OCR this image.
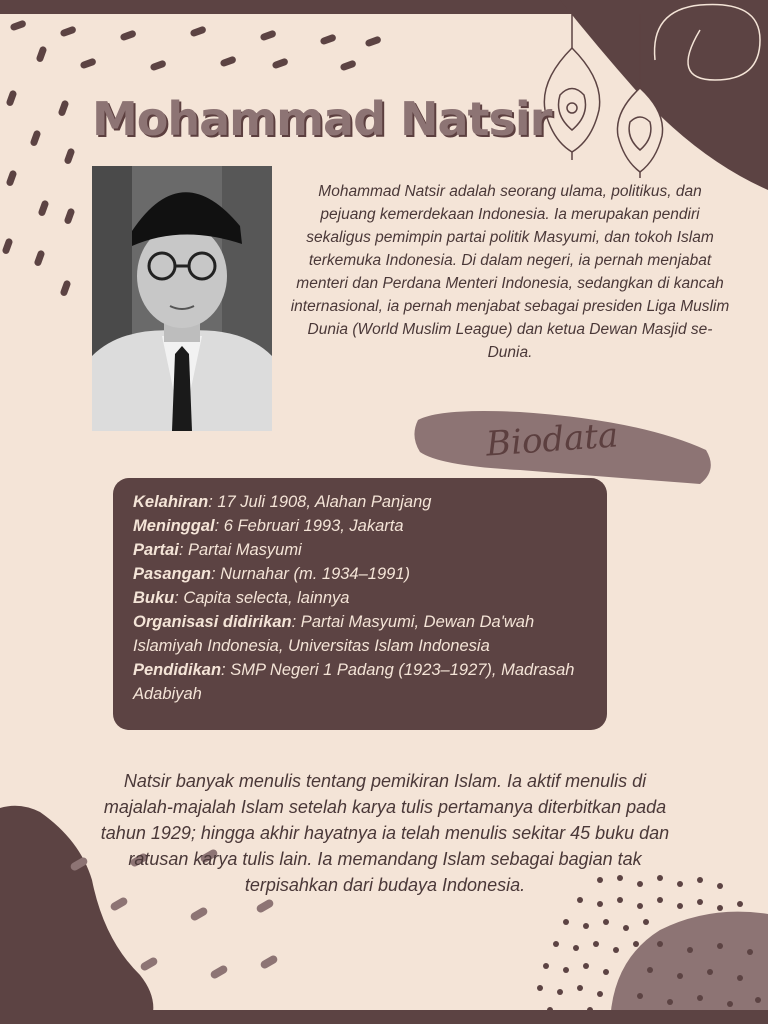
Mohammad Natsir
Mohammad Natsir adalah seorang ulama, politikus, dan pejuang kemerdekaan Indonesia. Ia merupakan pendiri sekaligus pemimpin partai politik Masyumi, dan tokoh Islam terkemuka Indonesia. Di dalam negeri, ia pernah menjabat menteri dan Perdana Menteri Indonesia, sedangkan di kancah internasional, ia pernah menjabat sebagai presiden Liga Muslim Dunia (World Muslim League) dan ketua Dewan Masjid se-Dunia.
Biodata

Kelahiran: 17 Juli 1908, Alahan Panjang

Meninggal: 6 Februari 1993, Jakarta

Partai: Partai Masyumi

Pasangan: Nurnahar (m. 1934–1991)

Buku: Capita selecta, lainnya

Organisasi didirikan: Partai Masyumi, Dewan Da'wah Islamiyah Indonesia, Universitas Islam Indonesia

Pendidikan: SMP Negeri 1 Padang (1923–1927), Madrasah Adabiyah

Natsir banyak menulis tentang pemikiran Islam. Ia aktif menulis di majalah-majalah Islam setelah karya tulis pertamanya diterbitkan pada tahun 1929; hingga akhir hayatnya ia telah menulis sekitar 45 buku dan ratusan karya tulis lain. Ia memandang Islam sebagai bagian tak terpisahkan dari budaya Indonesia.
